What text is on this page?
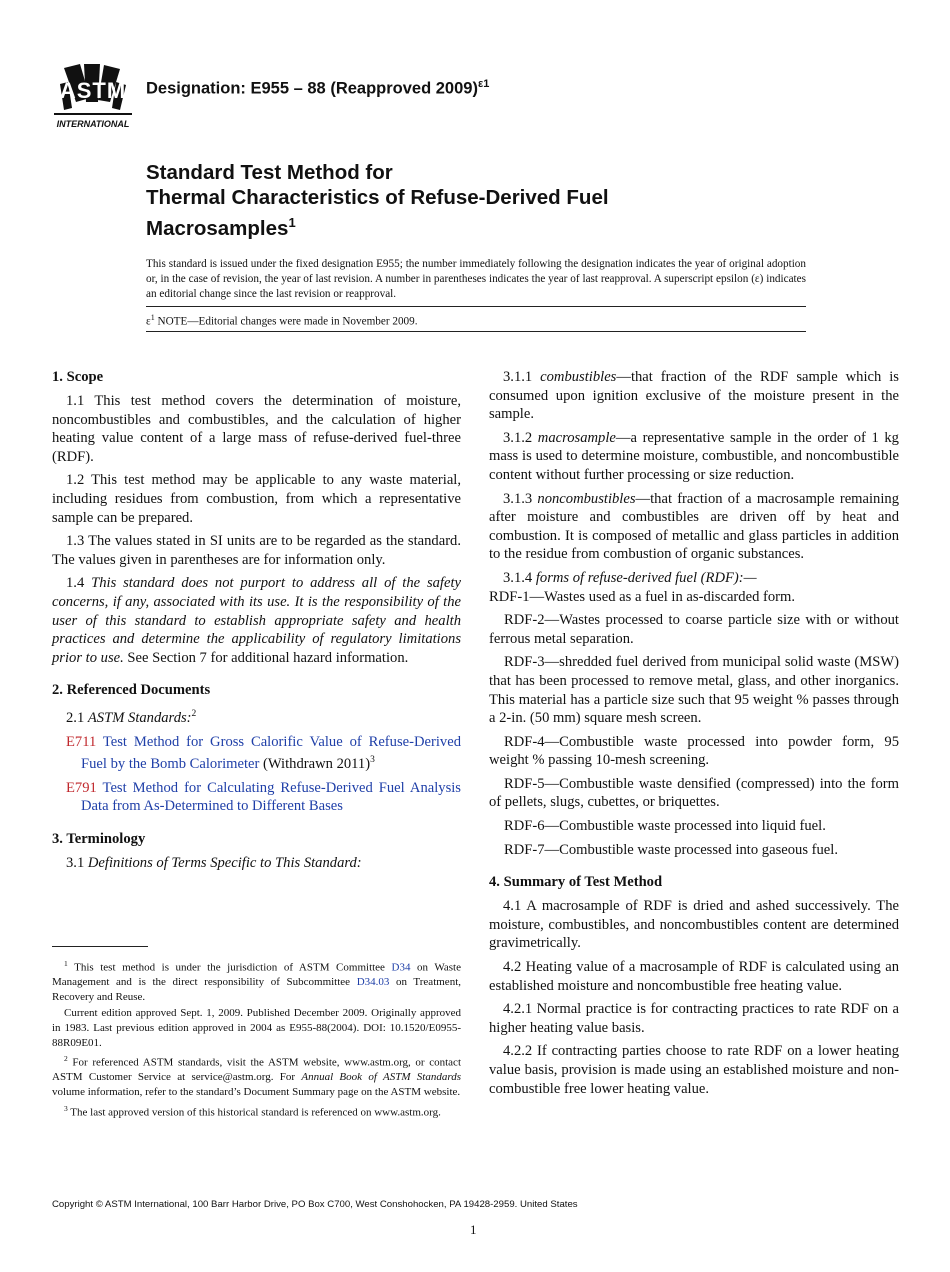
ASTM
INTERNATIONAL
Designation: E955 – 88 (Reapproved 2009)$^{\varepsilon 1}$
Standard Test Method for
Thermal Characteristics of Refuse-Derived Fuel
Macrosamples$^1$
This standard is issued under the fixed designation E955; the number immediately following the designation indicates the year of original adoption or, in the case of revision, the year of last revision. A number in parentheses indicates the year of last reapproval. A superscript epsilon (ε) indicates an editorial change since the last revision or reapproval.
$\varepsilon^1$ NOTE—Editorial changes were made in November 2009.
1. Scope

1.1 This test method covers the determination of moisture, noncombustibles and combustibles, and the calculation of higher heating value content of a large mass of refuse-derived fuel-three (RDF).

1.2 This test method may be applicable to any waste material, including residues from combustion, from which a representative sample can be prepared.

1.3 The values stated in SI units are to be regarded as the standard. The values given in parentheses are for information only.

1.4 This standard does not purport to address all of the safety concerns, if any, associated with its use. It is the responsibility of the user of this standard to establish appropriate safety and health practices and determine the applicability of regulatory limitations prior to use. See Section 7 for additional hazard information.

2. Referenced Documents

2.1 ASTM Standards:$^2$

E711 Test Method for Gross Calorific Value of Refuse-Derived Fuel by the Bomb Calorimeter (Withdrawn 2011)$^3$

E791 Test Method for Calculating Refuse-Derived Fuel Analysis Data from As-Determined to Different Bases

3. Terminology

3.1 Definitions of Terms Specific to This Standard:

3.1.1 combustibles—that fraction of the RDF sample which is consumed upon ignition exclusive of the moisture present in the sample.

3.1.2 macrosample—a representative sample in the order of 1 kg mass is used to determine moisture, combustible, and noncombustible content without further processing or size reduction.

3.1.3 noncombustibles—that fraction of a macrosample remaining after moisture and combustibles are driven off by heat and combustion. It is composed of metallic and glass particles in addition to the residue from combustion of organic substances.

3.1.4 forms of refuse-derived fuel (RDF):—

RDF-1—Wastes used as a fuel in as-discarded form.

RDF-2—Wastes processed to coarse particle size with or without ferrous metal separation.

RDF-3—shredded fuel derived from municipal solid waste (MSW) that has been processed to remove metal, glass, and other inorganics. This material has a particle size such that 95 weight % passes through a 2-in. (50 mm) square mesh screen.

RDF-4—Combustible waste processed into powder form, 95 weight % passing 10-mesh screening.

RDF-5—Combustible waste densified (compressed) into the form of pellets, slugs, cubettes, or briquettes.

RDF-6—Combustible waste processed into liquid fuel.

RDF-7—Combustible waste processed into gaseous fuel.

4. Summary of Test Method

4.1 A macrosample of RDF is dried and ashed successively. The moisture, combustibles, and noncombustibles content are determined gravimetrically.

4.2 Heating value of a macrosample of RDF is calculated using an established moisture and noncombustible free heating value.

4.2.1 Normal practice is for contracting practices to rate RDF on a higher heating value basis.

4.2.2 If contracting parties choose to rate RDF on a lower heating value basis, provision is made using an established moisture and non-combustible free lower heating value.

$^1$ This test method is under the jurisdiction of ASTM Committee D34 on Waste Management and is the direct responsibility of Subcommittee D34.03 on Treatment, Recovery and Reuse.

Current edition approved Sept. 1, 2009. Published December 2009. Originally approved in 1983. Last previous edition approved in 2004 as E955-88(2004). DOI: 10.1520/E0955-88R09E01.

$^2$ For referenced ASTM standards, visit the ASTM website, www.astm.org, or contact ASTM Customer Service at service@astm.org. For Annual Book of ASTM Standards volume information, refer to the standard’s Document Summary page on the ASTM website.

$^3$ The last approved version of this historical standard is referenced on www.astm.org.

Copyright © ASTM International, 100 Barr Harbor Drive, PO Box C700, West Conshohocken, PA 19428-2959. United States
1
